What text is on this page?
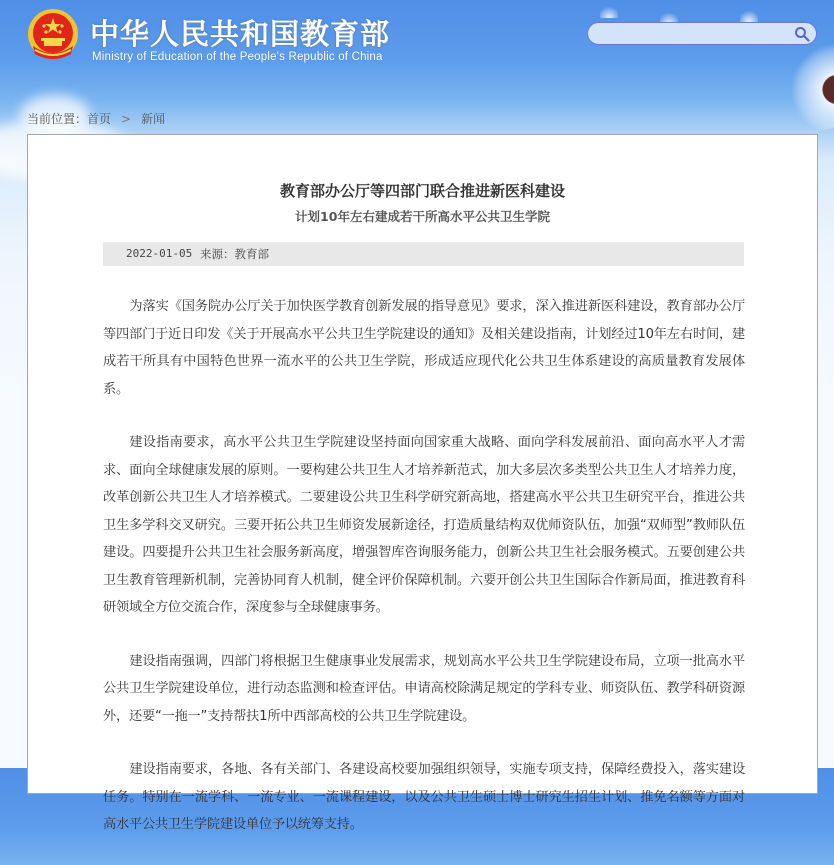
中华人民共和国教育部
Ministry of Education of the People's Republic of China
当前位置：首页 > 新闻
教育部办公厅等四部门联合推进新医科建设
计划10年左右建成若干所高水平公共卫生学院
2022-01-05 来源：教育部

为落实《国务院办公厅关于加快医学教育创新发展的指导意见》要求，深入推进新医科建设，教育部办公厅等四部门于近日印发《关于开展高水平公共卫生学院建设的通知》及相关建设指南，计划经过10年左右时间，建成若干所具有中国特色世界一流水平的公共卫生学院，形成适应现代化公共卫生体系建设的高质量教育发展体系。

建设指南要求，高水平公共卫生学院建设坚持面向国家重大战略、面向学科发展前沿、面向高水平人才需求、面向全球健康发展的原则。一要构建公共卫生人才培养新范式，加大多层次多类型公共卫生人才培养力度，改革创新公共卫生人才培养模式。二要建设公共卫生科学研究新高地，搭建高水平公共卫生研究平台，推进公共卫生多学科交叉研究。三要开拓公共卫生师资发展新途径，打造质量结构双优师资队伍，加强“双师型”教师队伍建设。四要提升公共卫生社会服务新高度，增强智库咨询服务能力，创新公共卫生社会服务模式。五要创建公共卫生教育管理新机制，完善协同育人机制，健全评价保障机制。六要开创公共卫生国际合作新局面，推进教育科研领域全方位交流合作，深度参与全球健康事务。

建设指南强调，四部门将根据卫生健康事业发展需求，规划高水平公共卫生学院建设布局，立项一批高水平公共卫生学院建设单位，进行动态监测和检查评估。申请高校除满足规定的学科专业、师资队伍、教学科研资源外，还要“一拖一”支持帮扶1所中西部高校的公共卫生学院建设。

建设指南要求，各地、各有关部门、各建设高校要加强组织领导，实施专项支持，保障经费投入，落实建设任务。特别在一流学科、一流专业、一流课程建设，以及公共卫生硕士博士研究生招生计划、推免名额等方面对高水平公共卫生学院建设单位予以统筹支持。
